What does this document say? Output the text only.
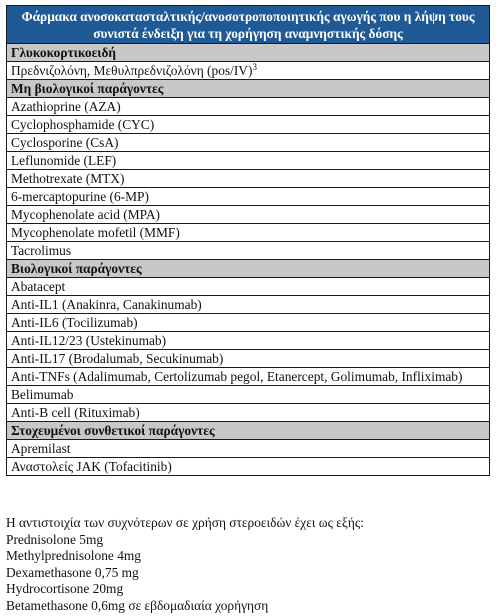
Φάρμακα ανοσοκατασταλτικής/ανοσοτροποποιητικής αγωγής που η λήψη τους συνιστά ένδειξη για τη χορήγηση αναμνηστικής δόσης
Γλυκοκορτικοειδή
Πρεδνιζολόνη, Μεθυλπρεδνιζολόνη $(pos/IV)^3$
Μη βιολογικοί παράγοντες
Azathioprine (AZA)
Cyclophosphamide (CYC)
Cyclosporine (CsA)
Leflunomide (LEF)
Methotrexate (MTX)
6-mercaptopurine (6-MP)
Mycophenolate acid (MPA)
Mycophenolate mofetil (MMF)
Tacrolimus
Βιολογικοί παράγοντες
Abatacept
Anti-IL1 (Anakinra, Canakinumab)
Anti-IL6 (Tocilizumab)
Anti-IL12/23 (Ustekinumab)
Anti-IL17 (Brodalumab, Secukinumab)
Anti-TNFs (Adalimumab, Certolizumab pegol, Etanercept, Golimumab, Infliximab)
Belimumab
Anti-B cell (Rituximab)
Στοχευμένοι συνθετικοί παράγοντες
Apremilast
Αναστολείς JAK (Tofacitinib)
Η αντιστοιχία των συχνότερων σε χρήση στεροειδών έχει ως εξής:
Prednisolone 5mg
Methylprednisolone 4mg
Dexamethasone 0,75 mg
Hydrocortisone 20mg
Betamethasone 0,6mg σε εβδομαδιαία χορήγηση
